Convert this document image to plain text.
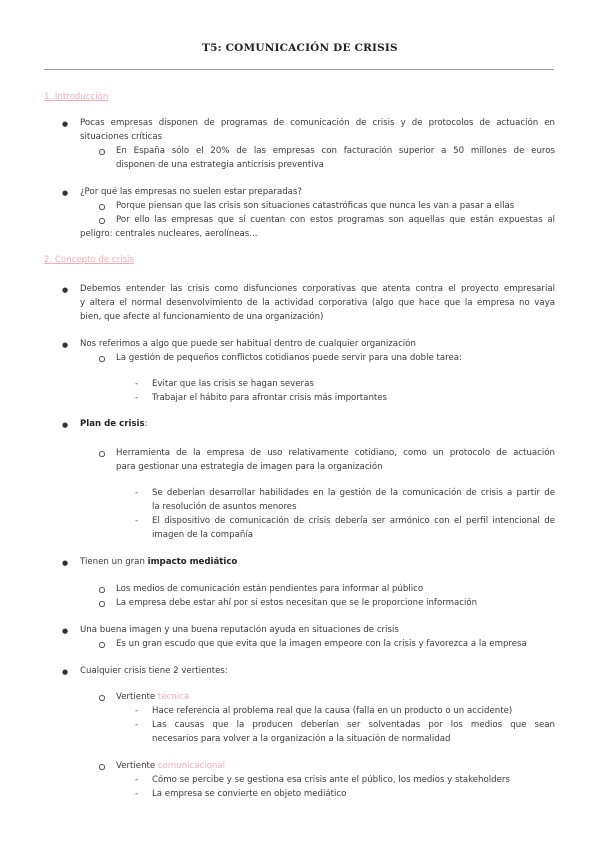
T5: COMUNICACIÓN DE CRISIS
1. Introducción
● Pocas empresas disponen de programas de comunicación de crisis y de protocolos de actuación en
situaciones críticas
En España sólo el 20% de las empresas con facturación superior a 50 millones de euros
disponen de una estrategia anticrisis preventiva
● ¿Por qué las empresas no suelen estar preparadas?
Porque piensan que las crisis son situaciones catastróficas que nunca les van a pasar a ellas
Por ello las empresas que sí cuentan con estos programas son aquellas que están expuestas al
peligro: centrales nucleares, aerolíneas...
2. Concepto de crisis
● Debemos entender las crisis como disfunciones corporativas que atenta contra el proyecto empresarial
y altera el normal desenvolvimiento de la actividad corporativa (algo que hace que la empresa no vaya
bien, que afecte al funcionamiento de una organización)
● Nos referimos a algo que puede ser habitual dentro de cualquier organización
La gestión de pequeños conflictos cotidianos puede servir para una doble tarea:
- Evitar que las crisis se hagan severas
- Trabajar el hábito para afrontar crisis más importantes
● Plan de crisis:
Herramienta de la empresa de uso relativamente cotidiano, como un protocolo de actuación
para gestionar una estrategia de imagen para la organización
- Se deberían desarrollar habilidades en la gestión de la comunicación de crisis a partir de
la resolución de asuntos menores
- El dispositivo de comunicación de crisis debería ser armónico con el perfil intencional de
imagen de la compañía
● Tienen un gran impacto mediático
Los medios de comunicación están pendientes para informar al público
La empresa debe estar ahí por si estos necesitan que se le proporcione información
● Una buena imagen y una buena reputación ayuda en situaciones de crisis
Es un gran escudo que que evita que la imagen empeore con la crisis y favorezca a la empresa
● Cualquier crisis tiene 2 vertientes:
Vertiente técnica
- Hace referencia al problema real que la causa (falla en un producto o un accidente)
- Las causas que la producen deberían ser solventadas por los medios que sean
necesarios para volver a la organización a la situación de normalidad
Vertiente comunicacional
- Cómo se percibe y se gestiona esa crisis ante el público, los medios y stakeholders
- La empresa se convierte en objeto mediático
